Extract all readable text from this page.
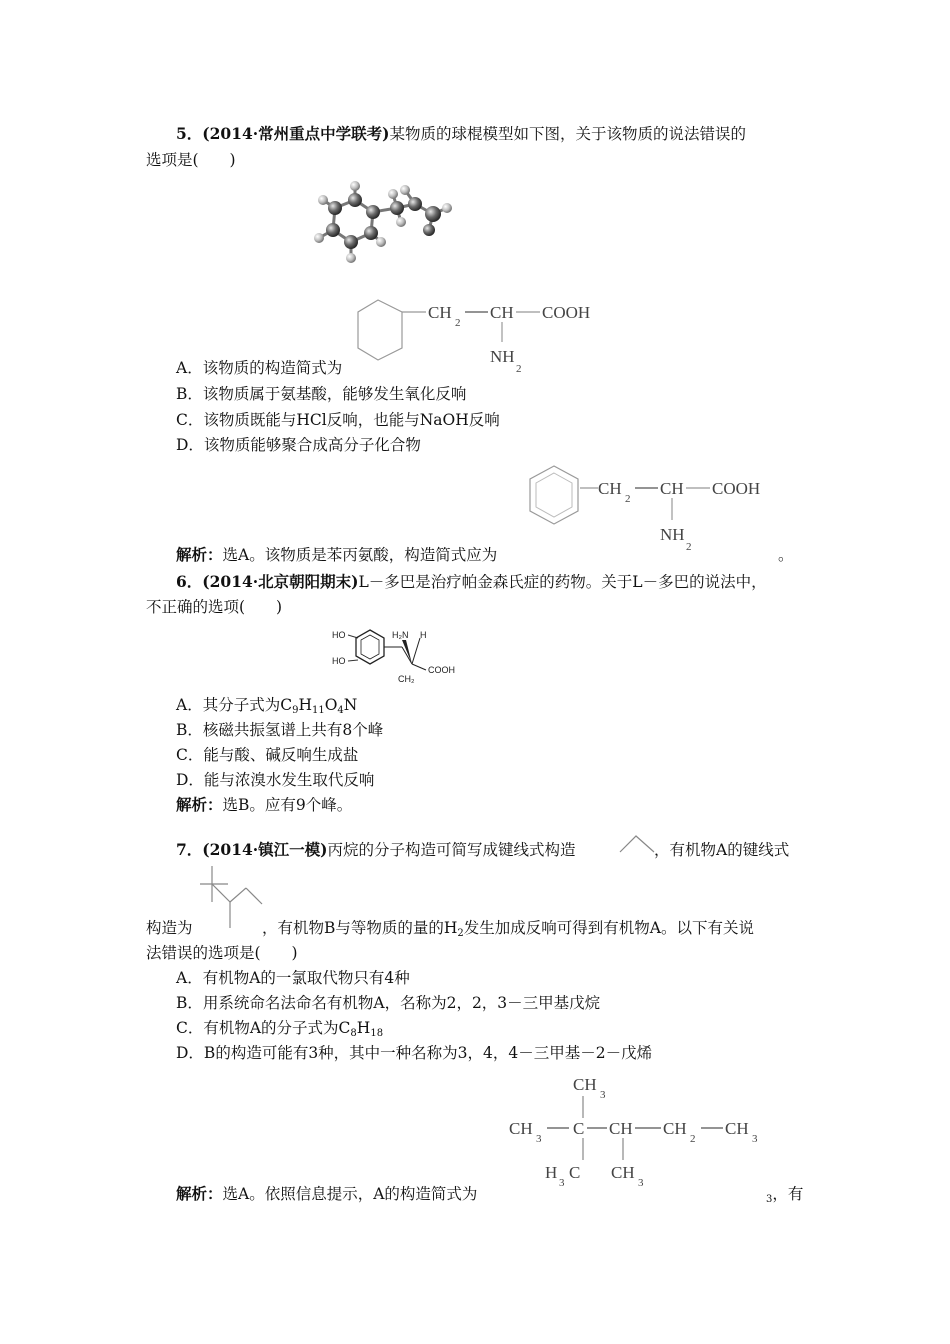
5．(2014·常州重点中学联考)某物质的球棍模型如下图，关于该物质的说法错误的
选项是(　　)
CH
2
CH COOH
NH
2
A．该物质的构造简式为
B．该物质属于氨基酸，能够发生氧化反响
C．该物质既能与HCl反响，也能与NaOH反响
D．该物质能够聚合成高分子化合物
CH
2
CH COOH
NH
2
解析：选A。该物质是苯丙氨酸，构造简式应为	。
6．(2014·北京朝阳期末)L－多巴是治疗帕金森氏症的药物。关于L－多巴的说法中，
不正确的选项(　　)
HO
HO
H₂N H
COOH
CH₂
A．其分子式为$C_9H_{11}O_4N$
B．核磁共振氢谱上共有8个峰
C．能与酸、碱反响生成盐
D．能与浓溴水发生取代反响
解析：选B。应有9个峰。
7．(2014·镇江一模)丙烷的分子构造可简写成键线式构造	，有机物A的键线式
构造为	，有机物B与等物质的量的$H_2$发生加成反响可得到有机物A。以下有关说
法错误的选项是(　　)
A．有机物A的一氯取代物只有4种
B．用系统命名法命名有机物A，名称为2，2，3－三甲基戊烷
C．有机物A的分子式为$C_8H_{18}$
D．B的构造可能有3种，其中一种名称为3，4，4－三甲基－2－戊烯
CH
3
CH
3
C CH CH
2
CH
3
H
3
C CH
3
解析：选A。依照信息提示，A的构造简式为	3，有
